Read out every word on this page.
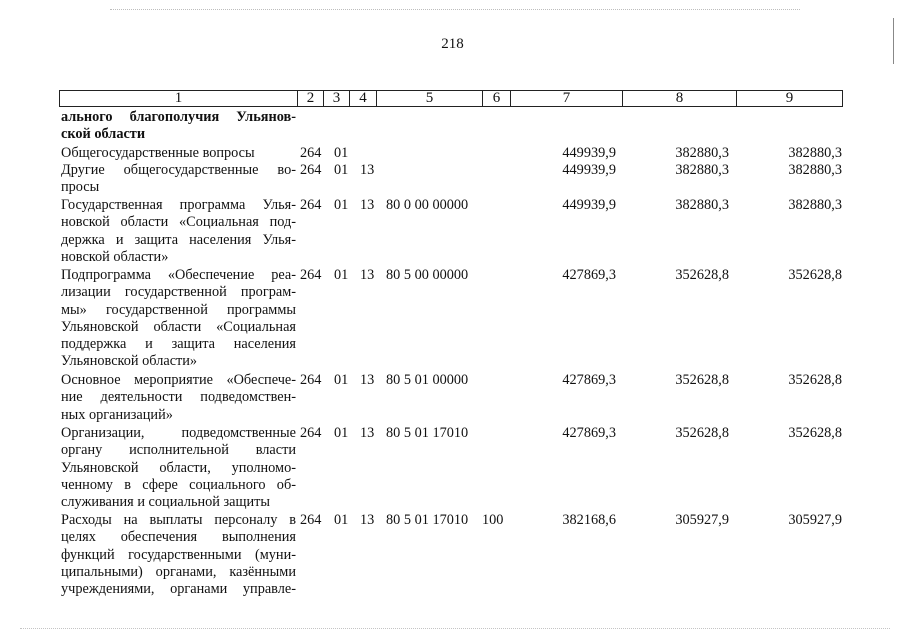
218
1	2	3	4	5	6	7	8	9
ального благополучия Ульянов-
ской области
Общегосударственные вопросы	264 01	449939,9	382880,3	382880,3
Другие общегосударственные во-
просы
264 01 13	449939,9	382880,3	382880,3
Государственная программа Улья-
новской области «Социальная под-
держка и защита населения Улья-
новской области»
264 01 13 80 0 00 00000	449939,9	382880,3	382880,3
Подпрограмма «Обеспечение реа-
лизации государственной програм-
мы» государственной программы
Ульяновской области «Социальная
поддержка и защита населения
Ульяновской области»
264 01 13 80 5 00 00000	427869,3	352628,8	352628,8
Основное мероприятие «Обеспече-
ние деятельности подведомствен-
ных организаций»
264 01 13 80 5 01 00000	427869,3	352628,8	352628,8
Организации, подведомственные
органу исполнительной власти
Ульяновской области, уполномо-
ченному в сфере социального об-
служивания и социальной защиты
264 01 13 80 5 01 17010	427869,3	352628,8	352628,8
Расходы на выплаты персоналу в
целях обеспечения выполнения
функций государственными (муни-
ципальными) органами, казёнными
учреждениями, органами управле-
264 01 13 80 5 01 17010 100	382168,6	305927,9	305927,9
